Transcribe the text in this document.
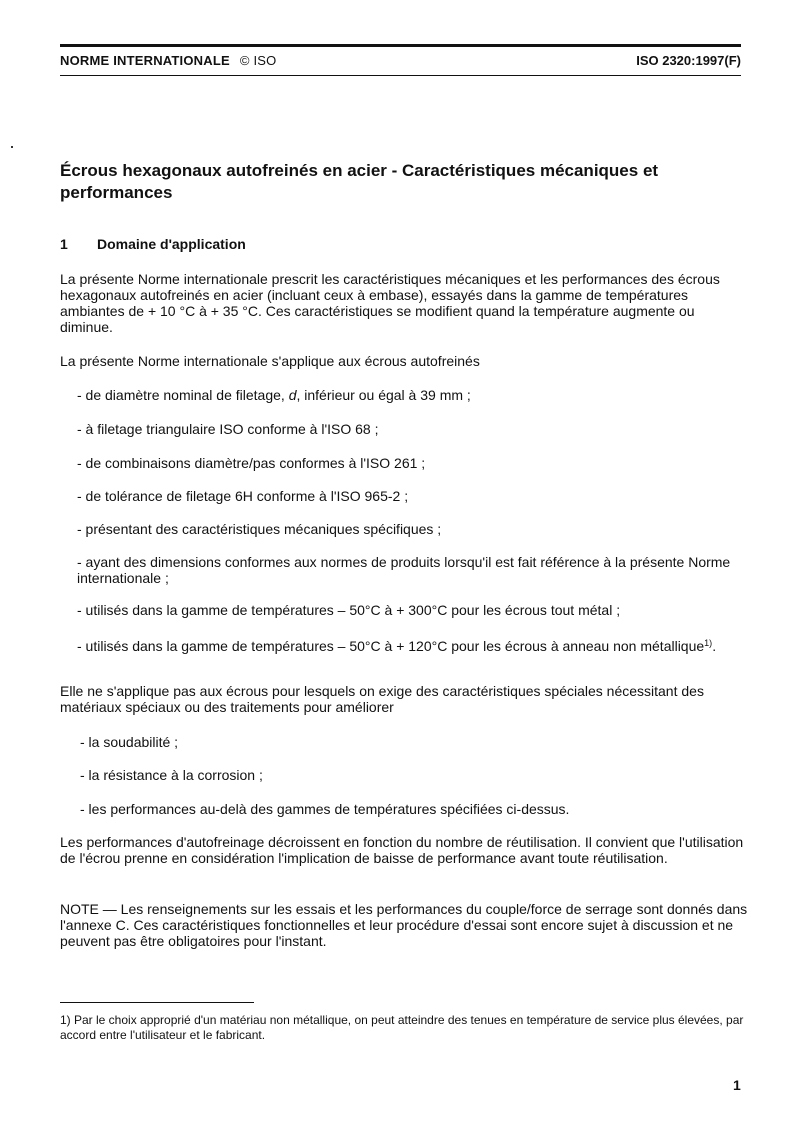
NORME INTERNATIONALE © ISO	ISO 2320:1997(F)
Écrous hexagonaux autofreinés en acier - Caractéristiques mécaniques et performances
1 Domaine d'application
La présente Norme internationale prescrit les caractéristiques mécaniques et les performances des écrous hexagonaux autofreinés en acier (incluant ceux à embase), essayés dans la gamme de températures ambiantes de + 10 °C à + 35 °C. Ces caractéristiques se modifient quand la température augmente ou diminue.
La présente Norme internationale s'applique aux écrous autofreinés
- de diamètre nominal de filetage, d, inférieur ou égal à 39 mm ;
- à filetage triangulaire ISO conforme à l'ISO 68 ;
- de combinaisons diamètre/pas conformes à l'ISO 261 ;
- de tolérance de filetage 6H conforme à l'ISO 965-2 ;
- présentant des caractéristiques mécaniques spécifiques ;
- ayant des dimensions conformes aux normes de produits lorsqu'il est fait référence à la présente Norme internationale ;
- utilisés dans la gamme de températures – 50°C à + 300°C pour les écrous tout métal ;
- utilisés dans la gamme de températures – 50°C à + 120°C pour les écrous à anneau non métallique$^{1)}$.
Elle ne s'applique pas aux écrous pour lesquels on exige des caractéristiques spéciales nécessitant des matériaux spéciaux ou des traitements pour améliorer
- la soudabilité ;
- la résistance à la corrosion ;
- les performances au-delà des gammes de températures spécifiées ci-dessus.
Les performances d'autofreinage décroissent en fonction du nombre de réutilisation. Il convient que l'utilisation de l'écrou prenne en considération l'implication de baisse de performance avant toute réutilisation.
NOTE — Les renseignements sur les essais et les performances du couple/force de serrage sont donnés dans l'annexe C. Ces caractéristiques fonctionnelles et leur procédure d'essai sont encore sujet à discussion et ne peuvent pas être obligatoires pour l'instant.
1) Par le choix approprié d'un matériau non métallique, on peut atteindre des tenues en température de service plus élevées, par accord entre l'utilisateur et le fabricant.
1
